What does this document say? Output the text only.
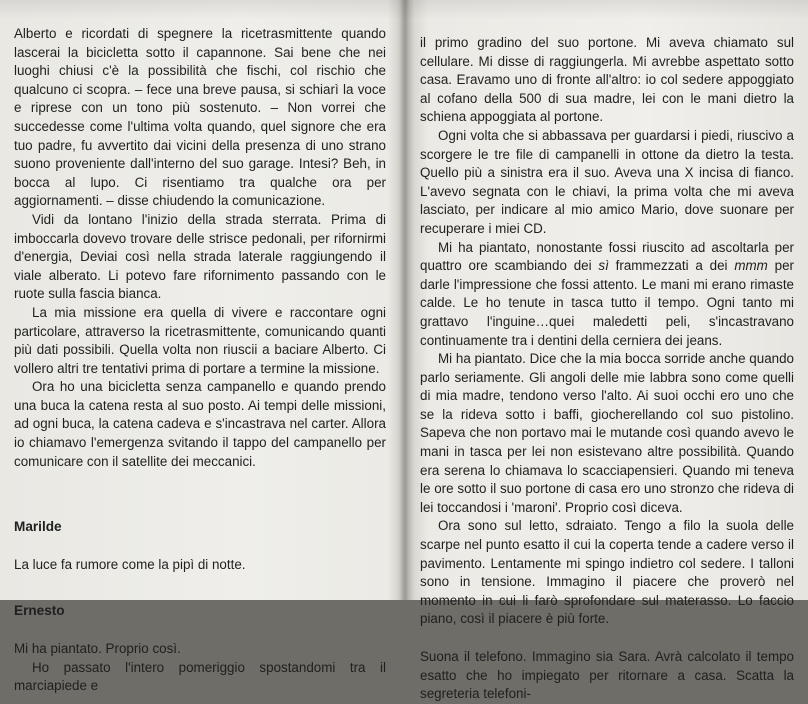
Alberto e ricordati di spegnere la ricetrasmittente quando lascerai la bicicletta sotto il capannone. Sai bene che nei luoghi chiusi c'è la possibilità che fischi, col rischio che qualcuno ci scopra. – fece una breve pausa, si schiarì la voce e riprese con un tono più sostenuto. – Non vorrei che succedesse come l'ultima volta quando, quel signore che era tuo padre, fu avvertito dai vicini della presenza di uno strano suono proveniente dall'interno del suo garage. Intesi? Beh, in bocca al lupo. Ci risentiamo tra qualche ora per aggiornamenti. – disse chiudendo la comunicazione.

Vidi da lontano l'inizio della strada sterrata. Prima di imboccarla dovevo trovare delle strisce pedonali, per rifornirmi d'energia, Deviai così nella strada laterale raggiungendo il viale alberato. Li potevo fare rifornimento passando con le ruote sulla fascia bianca.

La mia missione era quella di vivere e raccontare ogni particolare, attraverso la ricetrasmittente, comunicando quanti più dati possibili. Quella volta non riuscii a baciare Alberto. Ci vollero altri tre tentativi prima di portare a termine la missione.

Ora ho una bicicletta senza campanello e quando prendo una buca la catena resta al suo posto. Ai tempi delle missioni, ad ogni buca, la catena cadeva e s'incastrava nel carter. Allora io chiamavo l'emergenza svitando il tappo del campanello per comunicare con il satellite dei meccanici.

Marilde

La luce fa rumore come la pipì di notte.

Ernesto

Mi ha piantato. Proprio così.

Ho passato l'intero pomeriggio spostandomi tra il marciapiede e

il primo gradino del suo portone. Mi aveva chiamato sul cellulare. Mi disse di raggiungerla. Mi avrebbe aspettato sotto casa. Eravamo uno di fronte all'altro: io col sedere appoggiato al cofano della 500 di sua madre, lei con le mani dietro la schiena appoggiata al portone.

Ogni volta che si abbassava per guardarsi i piedi, riuscivo a scorgere le tre file di campanelli in ottone da dietro la testa. Quello più a sinistra era il suo. Aveva una X incisa di fianco. L'avevo segnata con le chiavi, la prima volta che mi aveva lasciato, per indicare al mio amico Mario, dove suonare per recuperare i miei CD.

Mi ha piantato, nonostante fossi riuscito ad ascoltarla per quattro ore scambiando dei sì frammezzati a dei mmm per darle l'impressione che fossi attento. Le mani mi erano rimaste calde. Le ho tenute in tasca tutto il tempo. Ogni tanto mi grattavo l'inguine…quei maledetti peli, s'incastravano continuamente tra i dentini della cerniera dei jeans.

Mi ha piantato. Dice che la mia bocca sorride anche quando parlo seriamente. Gli angoli delle mie labbra sono come quelli di mia madre, tendono verso l'alto. Ai suoi occhi ero uno che se la rideva sotto i baffi, giocherellando col suo pistolino. Sapeva che non portavo mai le mutande così quando avevo le mani in tasca per lei non esistevano altre possibilità. Quando era serena lo chiamava lo scacciapensieri. Quando mi teneva le ore sotto il suo portone di casa ero uno stronzo che rideva di lei toccandosi i 'maroni'. Proprio così diceva.

Ora sono sul letto, sdraiato. Tengo a filo la suola delle scarpe nel punto esatto il cui la coperta tende a cadere verso il pavimento. Lentamente mi spingo indietro col sedere. I talloni sono in tensione. Immagino il piacere che proverò nel momento in cui li farò sprofondare sul materasso. Lo faccio piano, così il piacere è più forte.

Suona il telefono. Immagino sia Sara. Avrà calcolato il tempo esatto che ho impiegato per ritornare a casa. Scatta la segreteria telefoni-
